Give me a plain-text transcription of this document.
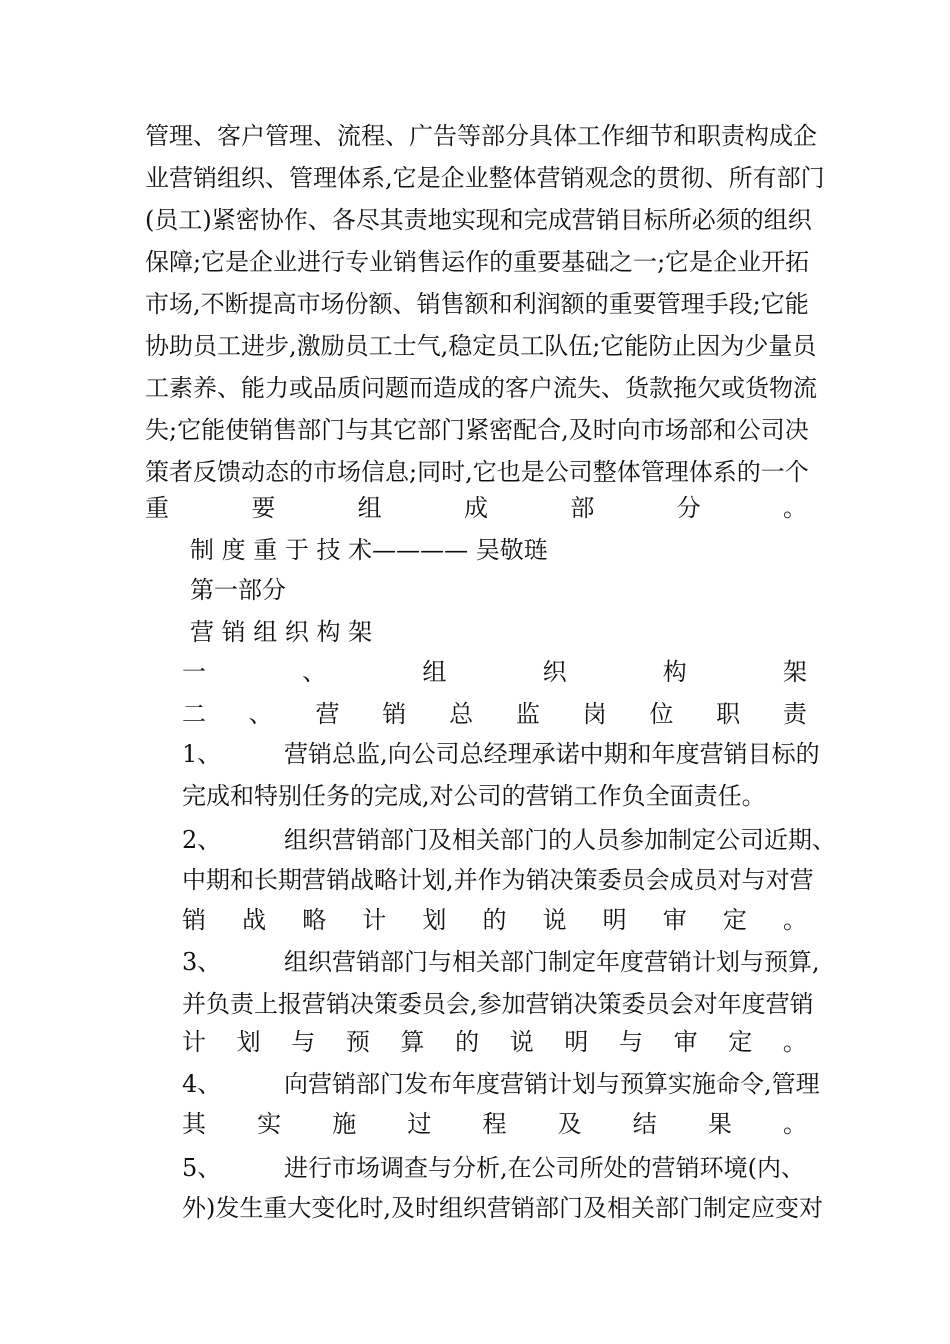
管理、客户管理、流程、广告等部分具体工作细节和职责构成企
业营销组织、管理体系,它是企业整体营销观念的贯彻、所有部门
(员工)紧密协作、各尽其责地实现和完成营销目标所必须的组织
保障;它是企业进行专业销售运作的重要基础之一;它是企业开拓
市场,不断提高市场份额、销售额和利润额的重要管理手段;它能
协助员工进步,激励员工士气,稳定员工队伍;它能防止因为少量员
工素养、能力或品质问题而造成的客户流失、货款拖欠或货物流
失;它能使销售部门与其它部门紧密配合,及时向市场部和公司决
策者反馈动态的市场信息;同时,它也是公司整体管理体系的一个
重	要	组	成	部	分	。
制 度 重 于 技 术———— 吴敬琏
第一部分
营 销 组 织 构 架
一	、	组	织	构	架
二 、 营 销 总 监 岗 位 职 责
1、	营销总监,向公司总经理承诺中期和年度营销目标的
完成和特别任务的完成,对公司的营销工作负全面责任。
2、	组织营销部门及相关部门的人员参加制定公司近期、
中期和长期营销战略计划,并作为销决策委员会成员对与对营
销 战 略 计 划 的 说 明 审 定 。
3、	组织营销部门与相关部门制定年度营销计划与预算,
并负责上报营销决策委员会,参加营销决策委员会对年度营销
计 划 与 预 算 的 说 明 与 审 定 。
4、	向营销部门发布年度营销计划与预算实施命令,管理
其 实 施 过 程 及 结 果 。
5、	进行市场调查与分析,在公司所处的营销环境(内、
外)发生重大变化时,及时组织营销部门及相关部门制定应变对
